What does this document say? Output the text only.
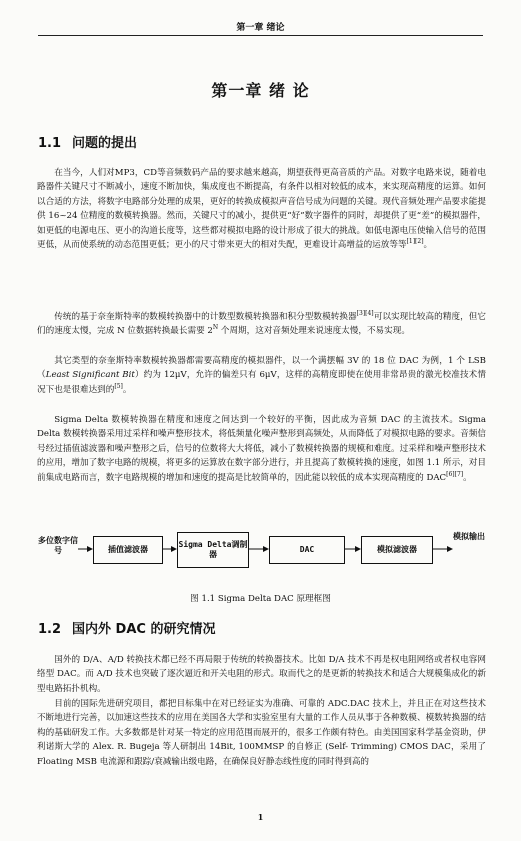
第一章 绪论
第一章 绪 论
1.1 问题的提出

在当今，人们对MP3，CD等音频数码产品的要求越来越高，期望获得更高音质的产品。对数字电路来说，随着电路器件关键尺寸不断减小，速度不断加快，集成度也不断提高，有条件以相对较低的成本，来实现高精度的运算。如何以合适的方法，将数字电路部分处理的成果，更好的转换成模拟声音信号成为问题的关键。现代音频处理产品要求能提供 16~24 位精度的数模转换器。然而，关键尺寸的减小，提供更“好”数字器件的同时，却提供了更“差”的模拟器件，如更低的电源电压、更小的沟道长度等，这些都对模拟电路的设计形成了很大的挑战。如低电源电压使输入信号的范围更低，从而使系统的动态范围更低；更小的尺寸带来更大的相对失配，更难设计高增益的运放等等[1][2]。

传统的基于奈奎斯特率的数模转换器中的计数型数模转换器和积分型数模转换器[3][4]可以实现比较高的精度，但它们的速度太慢，完成 N 位数据转换最长需要 $2^N$ 个周期，这对音频处理来说速度太慢，不易实现。

其它类型的奈奎斯特率数模转换器都需要高精度的模拟器件，以一个满摆幅 3V 的 18 位 DAC 为例，1 个 LSB（Least Significant Bit）约为 12μV，允许的偏差只有 6μV，这样的高精度即使在使用非常昂贵的激光校准技术情况下也是很难达到的[5]。

Sigma Delta 数模转换器在精度和速度之间达到一个较好的平衡，因此成为音频 DAC 的主流技术。Sigma Delta 数模转换器采用过采样和噪声整形技术，将低频量化噪声整形到高频处，从而降低了对模拟电路的要求。音频信号经过插值滤波器和噪声整形之后，信号的位数将大大将低，减小了数模转换器的规模和难度。过采样和噪声整形技术的应用，增加了数字电路的规模，将更多的运算放在数字部分进行，并且提高了数模转换的速度，如图 1.1 所示，对目前集成电路而言，数字电路规模的增加和速度的提高是比较简单的，因此能以较低的成本实现高精度的 DAC[6][7]。

多位数字信号	插值滤波器
Sigma Delta调制器
DAC	模拟滤波器
模拟输出
图 1.1 Sigma Delta DAC 原理框图
1.2 国内外 DAC 的研究情况

国外的 D/A、A/D 转换技术都已经不再局限于传统的转换器技术。比如 D/A 技术不再是权电阻网络或者权电容网络型 DAC。而 A/D 技术也突破了逐次逼近和开关电阻的形式。取而代之的是更新的转换技术和适合大规模集成化的新型电路拓扑机构。

目前的国际先进研究项目，都把目标集中在对已经证实为准确、可靠的 ADC.DAC 技术上，并且正在对这些技术不断地进行完善，以加速这些技术的应用在美国各大学和实验室里有大量的工作人员从事于各种数模、模数转换器的结构的基础研发工作。大多数都是针对某一特定的应用范围而展开的，很多工作颇有特色。由美国国家科学基金资助，伊利诺斯大学的 Alex. R. Bugeja 等人研制出 14Bit, 100MMSP 的自修正 (Self- Trimming) CMOS DAC，采用了 Floating MSB 电流源和跟踪/衰减输出级电路，在确保良好静态线性度的同时得到高的

1
